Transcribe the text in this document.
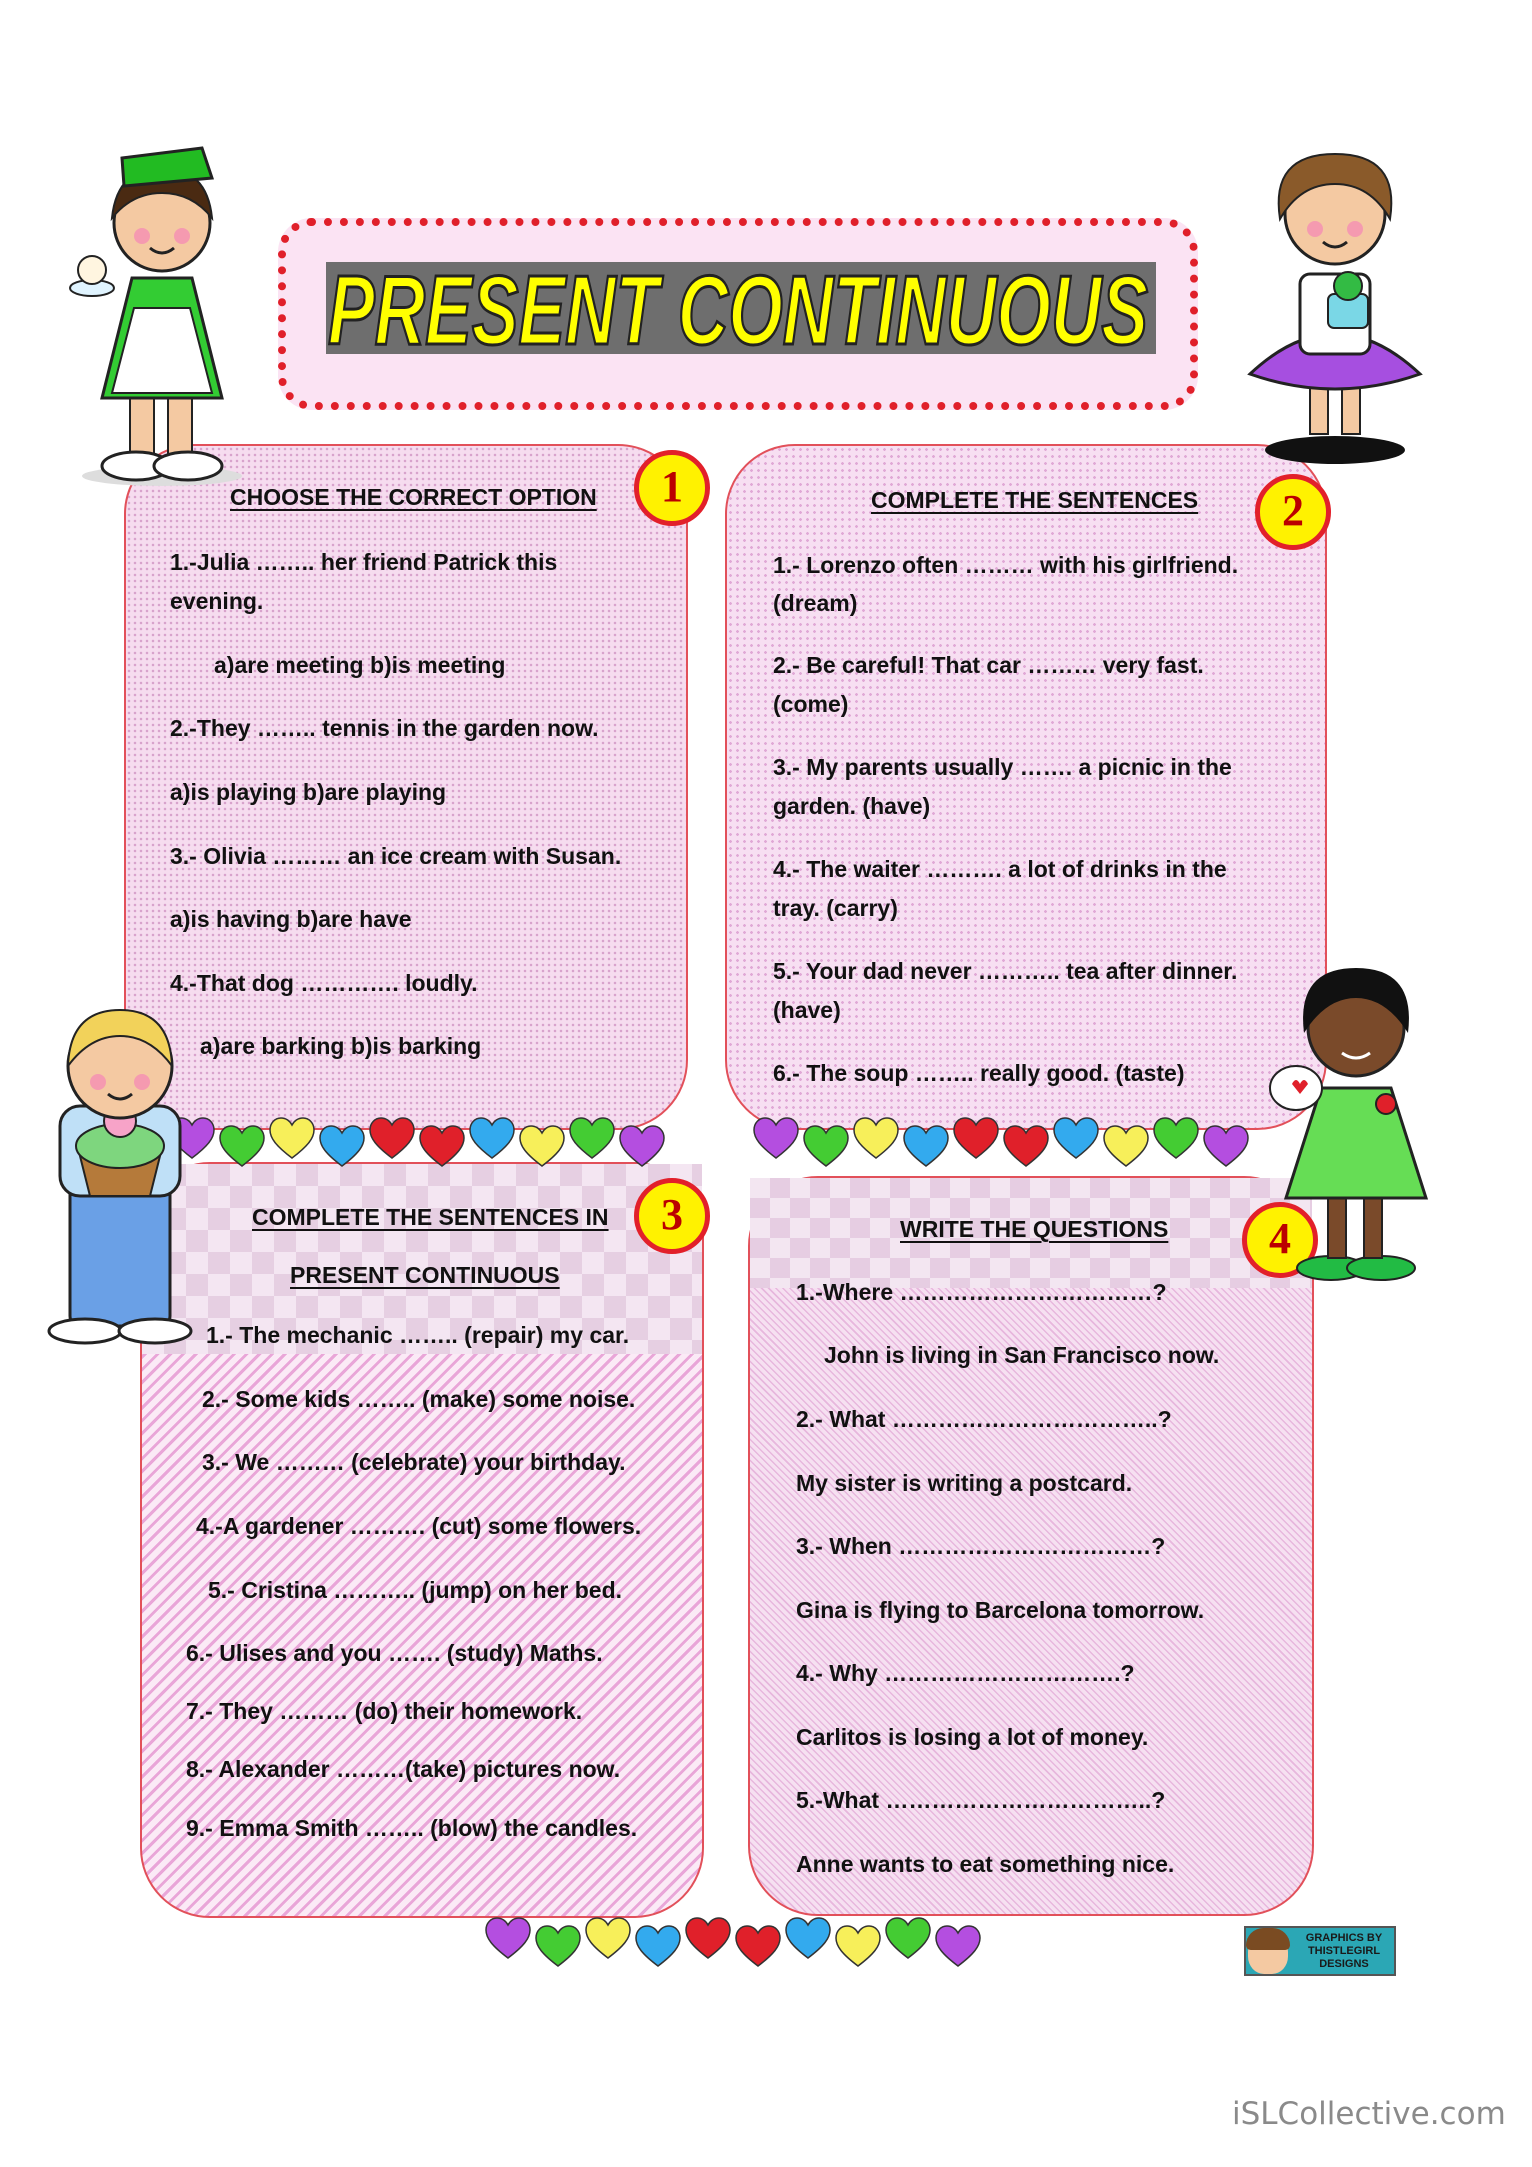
PRESENT CONTINUOUS
CHOOSE THE CORRECT OPTION
1.-Julia …….. her friend Patrick this
evening.
a)are meeting b)is meeting
2.-They …….. tennis in the garden now.
a)is playing b)are playing
3.- Olivia ……… an ice cream with Susan.
a)is having b)are have
4.-That dog …………. loudly.
a)are barking b)is barking
1	COMPLETE THE SENTENCES
1.- Lorenzo often ……… with his girlfriend.
(dream)
2.- Be careful! That car ……… very fast.
(come)
3.- My parents usually ……. a picnic in the
garden. (have)
4.- The waiter ………. a lot of drinks in the
tray. (carry)
5.- Your dad never ……….. tea after dinner.
(have)
6.- The soup …….. really good. (taste)
2
COMPLETE THE SENTENCES IN
PRESENT CONTINUOUS
1.- The mechanic …….. (repair) my car.
2.- Some kids …….. (make) some noise.
3.- We ……… (celebrate) your birthday.
4.-A gardener ………. (cut) some flowers.
5.- Cristina ……….. (jump) on her bed.
6.- Ulises and you ……. (study) Maths.
7.- They ……… (do) their homework.
8.- Alexander ………(take) pictures now.
9.- Emma Smith …….. (blow) the candles.
3	WRITE THE QUESTIONS
1.-Where ……………………………?
John is living in San Francisco now.
2.- What ……………………………..?
My sister is writing a postcard.
3.- When ……………………………?
Gina is flying to Barcelona tomorrow.
4.- Why ………………………….?
Carlitos is losing a lot of money.
5.-What ……………………………..?
Anne wants to eat something nice.
4
GRAPHICS BY
THISTLEGIRL
DESIGNS
iSLCollective.com
